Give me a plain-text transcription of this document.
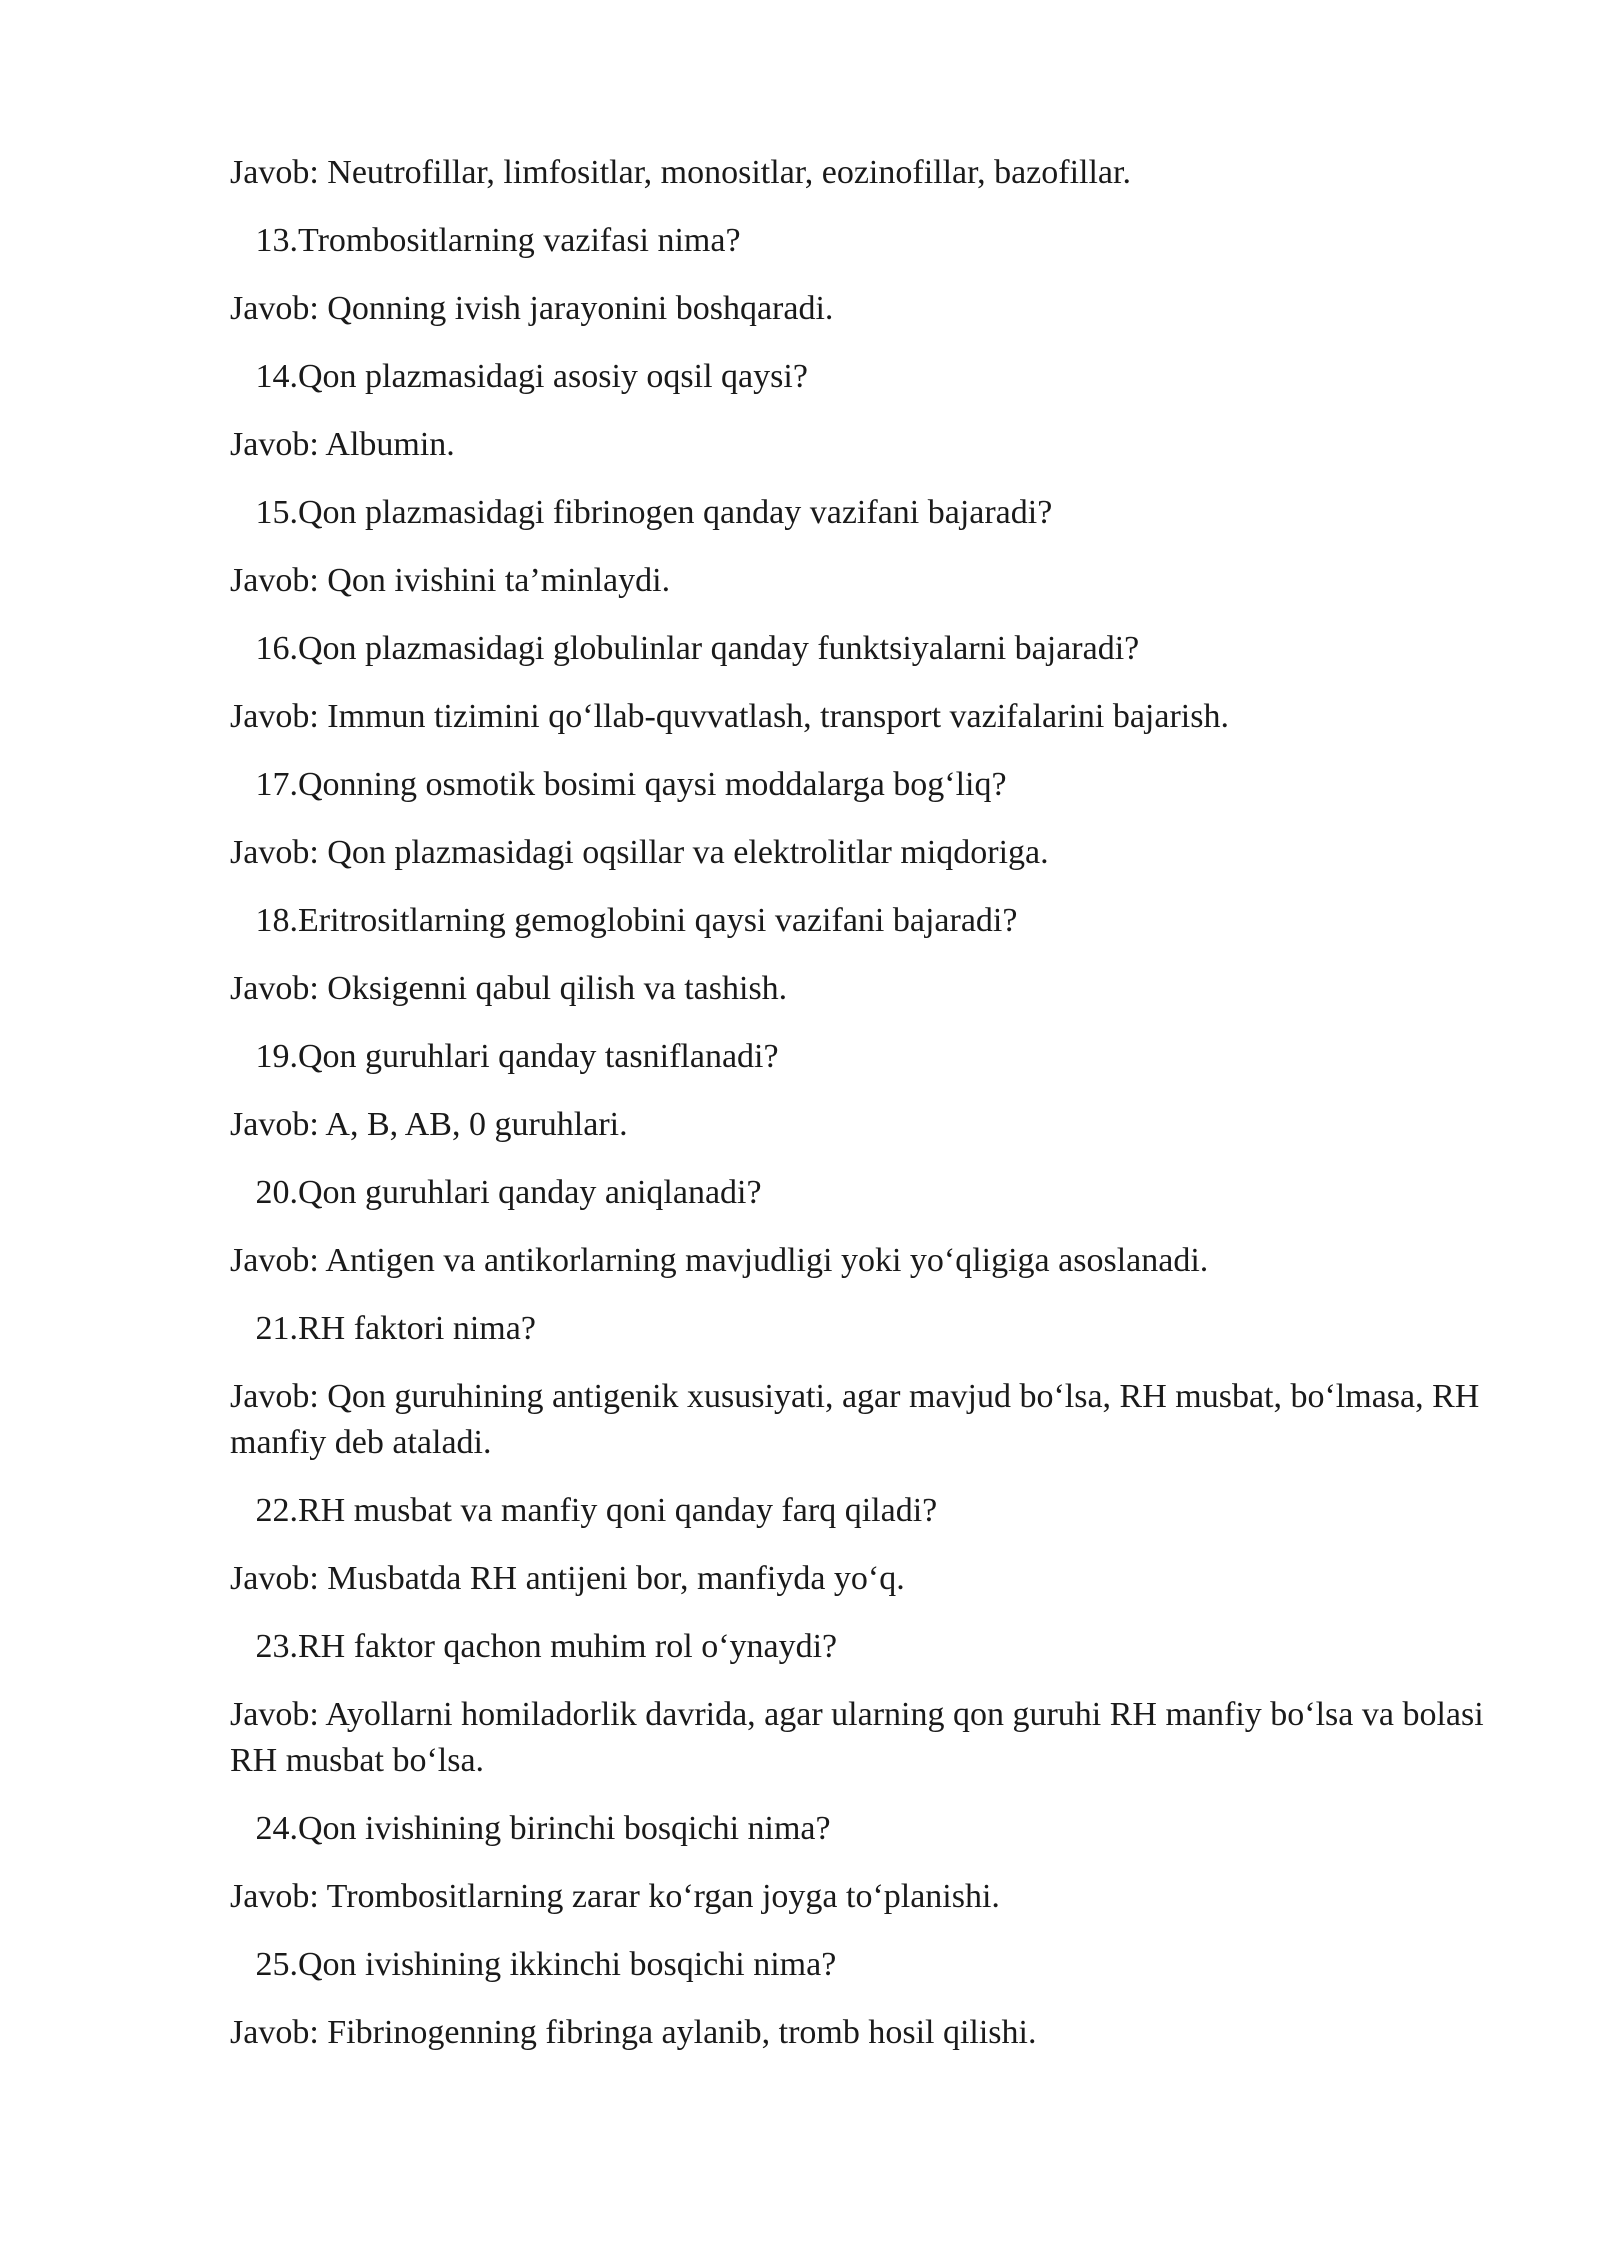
Javob: Neutrofillar, limfositlar, monositlar, eozinofillar, bazofillar.
13. Trombositlarning vazifasi nima?
Javob: Qonning ivish jarayonini boshqaradi.
14. Qon plazmasidagi asosiy oqsil qaysi?
Javob: Albumin.
15. Qon plazmasidagi fibrinogen qanday vazifani bajaradi?
Javob: Qon ivishini ta’minlaydi.
16. Qon plazmasidagi globulinlar qanday funktsiyalarni bajaradi?
Javob: Immun tizimini qo‘llab-quvvatlash, transport vazifalarini bajarish.
17. Qonning osmotik bosimi qaysi moddalarga bog‘liq?
Javob: Qon plazmasidagi oqsillar va elektrolitlar miqdoriga.
18. Eritrositlarning gemoglobini qaysi vazifani bajaradi?
Javob: Oksigenni qabul qilish va tashish.
19. Qon guruhlari qanday tasniflanadi?
Javob: A, B, AB, 0 guruhlari.
20. Qon guruhlari qanday aniqlanadi?
Javob: Antigen va antikorlarning mavjudligi yoki yo‘qligiga asoslanadi.
21. RH faktori nima?
Javob: Qon guruhining antigenik xususiyati, agar mavjud bo‘lsa, RH musbat, bo‘lmasa, RH manfiy deb ataladi.
22. RH musbat va manfiy qoni qanday farq qiladi?
Javob: Musbatda RH antijeni bor, manfiyda yo‘q.
23. RH faktor qachon muhim rol o‘ynaydi?
Javob: Ayollarni homiladorlik davrida, agar ularning qon guruhi RH manfiy bo‘lsa va bolasi RH musbat bo‘lsa.
24. Qon ivishining birinchi bosqichi nima?
Javob: Trombositlarning zarar ko‘rgan joyga to‘planishi.
25. Qon ivishining ikkinchi bosqichi nima?
Javob: Fibrinogenning fibringa aylanib, tromb hosil qilishi.
